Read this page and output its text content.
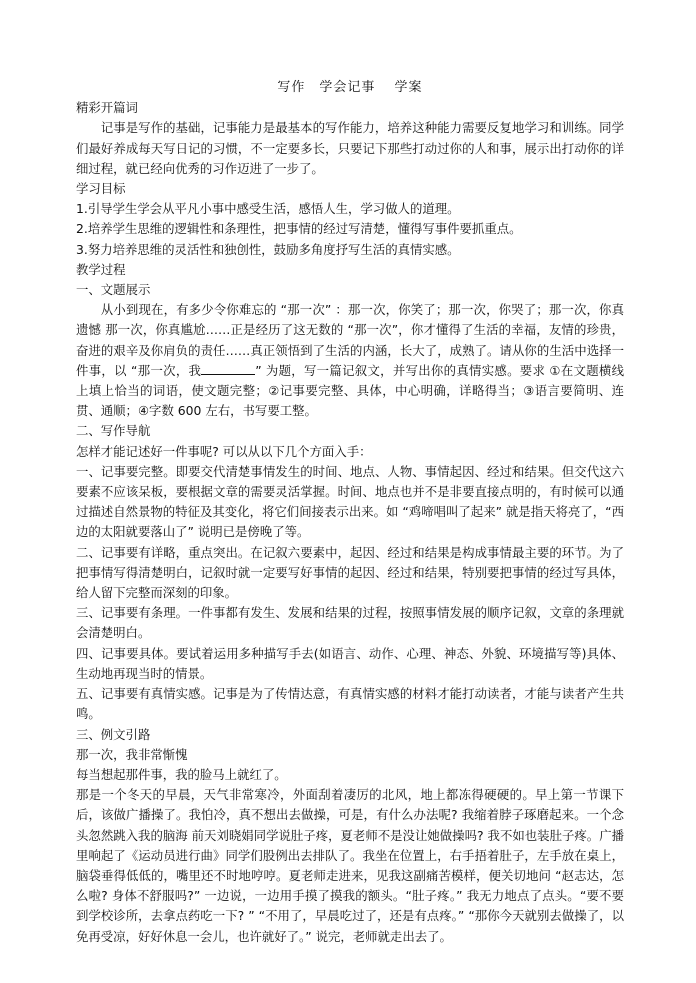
写作　学会记事　 学案

精彩开篇词

记事是写作的基础，记事能力是最基本的写作能力，培养这种能力需要反复地学习和训练。同学们最好养成每天写日记的习惯，不一定要多长，只要记下那些打动过你的人和事，展示出打动你的详细过程，就已经向优秀的习作迈进了一步了。

学习目标

1.引导学生学会从平凡小事中感受生活，感悟人生，学习做人的道理。

2.培养学生思维的逻辑性和条理性，把事情的经过写清楚，懂得写事件要抓重点。

3.努力培养思维的灵活性和独创性，鼓励多角度抒写生活的真情实感。

教学过程

一、文题展示

从小到现在，有多少令你难忘的 “那一次” ：那一次，你笑了；那一次，你哭了；那一次，你真遗憾 那一次，你真尴尬……正是经历了这无数的 “那一次”，你才懂得了生活的幸福，友情的珍贵，奋进的艰辛及你肩负的责任……真正领悟到了生活的内涵，长大了，成熟了。请从你的生活中选择一件事，以 “那一次，我	” 为题，写一篇记叙文，并写出你的真情实感。要求 ①在文题横线上填上恰当的词语，使文题完整；②记事要完整、具体，中心明确，详略得当；③语言要简明、连贯、通顺；④字数 600 左右，书写要工整。

二、写作导航

怎样才能记述好一件事呢? 可以从以下几个方面入手：

一、记事要完整。即要交代清楚事情发生的时间、地点、人物、事情起因、经过和结果。但交代这六要素不应该呆板，要根据文章的需要灵活掌握。时间、地点也并不是非要直接点明的，有时候可以通过描述自然景物的特征及其变化，将它们间接表示出来。如 “鸡啼唱叫了起来” 就是指天将亮了，“西边的太阳就要落山了” 说明已是傍晚了等。

二、记事要有详略，重点突出。在记叙六要素中，起因、经过和结果是构成事情最主要的环节。为了把事情写得清楚明白，记叙时就一定要写好事情的起因、经过和结果，特别要把事情的经过写具体，给人留下完整而深刻的印象。

三、记事要有条理。一件事都有发生、发展和结果的过程，按照事情发展的顺序记叙，文章的条理就会清楚明白。

四、记事要具体。要试着运用多种描写手去(如语言、动作、心理、神态、外貌、环境描写等)具体、生动地再现当时的情景。

五、记事要有真情实感。记事是为了传情达意，有真情实感的材料才能打动读者，才能与读者产生共鸣。

三、例文引路

那一次，我非常惭愧

每当想起那件事，我的脸马上就红了。

那是一个冬天的早晨，天气非常寒冷，外面刮着凄厉的北风，地上都冻得硬硬的。早上第一节课下后，该做广播操了。我怕冷，真不想出去做操，可是，有什么办法呢? 我缩着脖子琢磨起来。一个念头忽然跳入我的脑海 前天刘晓娟同学说肚子疼，夏老师不是没让她做操吗? 我不如也装肚子疼。广播里响起了《运动员进行曲》同学们股例出去排队了。我坐在位置上，右手捂着肚子，左手放在桌上，脑袋垂得低低的，嘴里还不时地哼哼。夏老师走进来，见我这副痛苦模样，便关切地问 “赵志达，怎么啦? 身体不舒服吗?” 一边说，一边用手摸了摸我的额头。“肚子疼。” 我无力地点了点头。“要不要到学校诊所，去拿点药吃一下? ” “不用了，早晨吃过了，还是有点疼。” “那你今天就别去做操了，以免再受凉，好好休息一会儿，也许就好了。” 说完，老师就走出去了。
